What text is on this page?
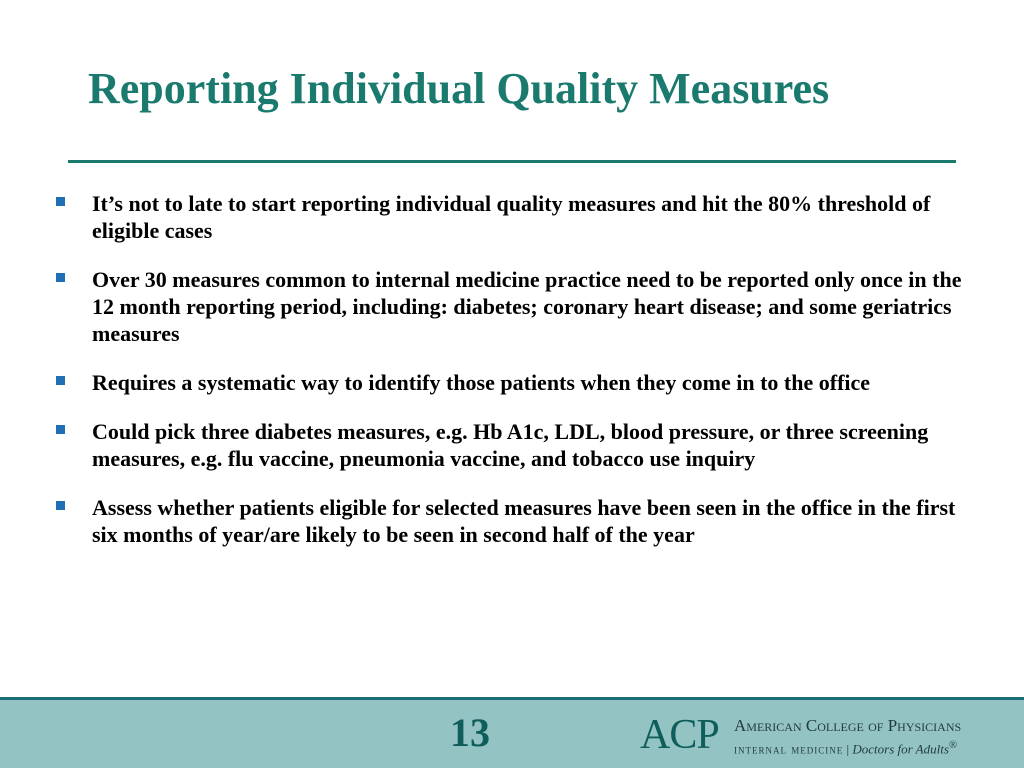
Reporting Individual Quality Measures
It’s not to late to start reporting individual quality measures and hit the 80% threshold of eligible cases
Over 30 measures common to internal medicine practice need to be reported only once in the 12 month reporting period, including: diabetes; coronary heart disease; and some geriatrics measures
Requires a systematic way to identify those patients when they come in to the office
Could pick three diabetes measures, e.g. Hb A1c, LDL, blood pressure, or three screening measures, e.g. flu vaccine, pneumonia vaccine, and tobacco use inquiry
Assess whether patients eligible for selected measures have been seen in the office in the first six months of year/are likely to be seen in second half of the year
13	ACP American College of Physicians
internal medicine | Doctors for Adults®
